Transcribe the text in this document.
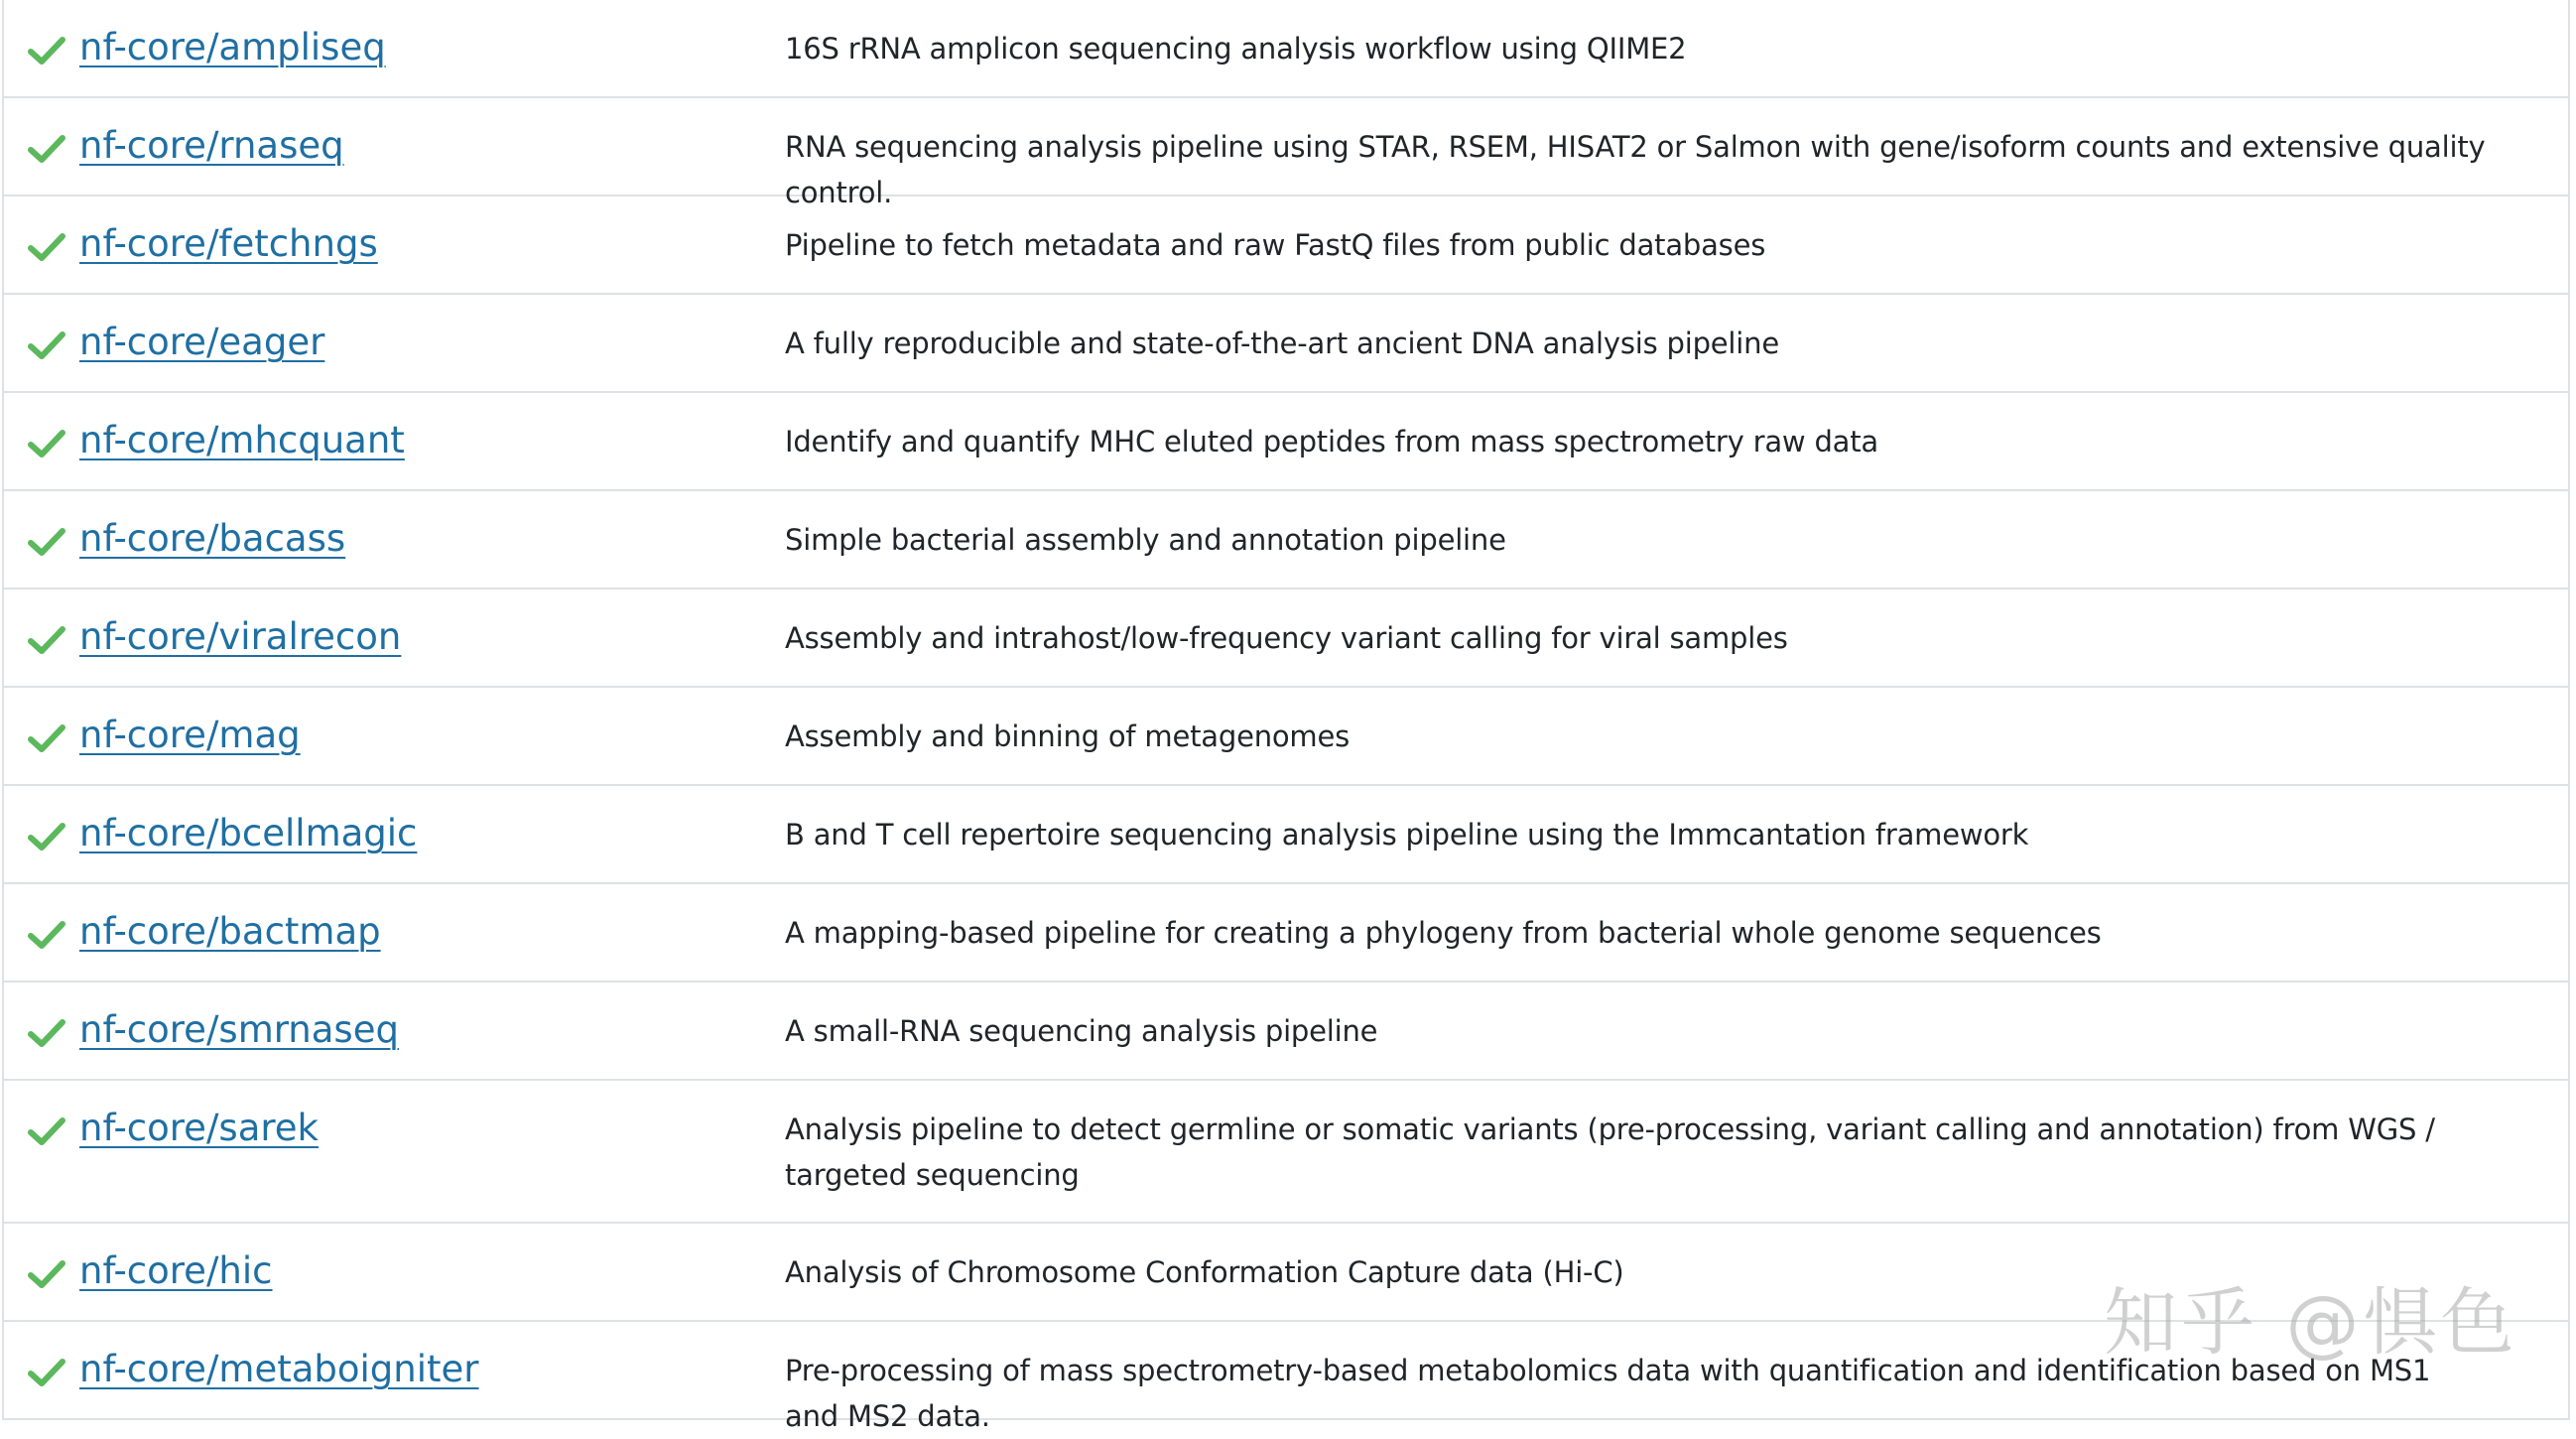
nf-core/ampliseq	16S rRNA amplicon sequencing analysis workflow using QIIME2
nf-core/rnaseq	RNA sequencing analysis pipeline using STAR, RSEM, HISAT2 or Salmon with gene/isoform counts and extensive quality control.
nf-core/fetchngs	Pipeline to fetch metadata and raw FastQ files from public databases
nf-core/eager	A fully reproducible and state-of-the-art ancient DNA analysis pipeline
nf-core/mhcquant	Identify and quantify MHC eluted peptides from mass spectrometry raw data
nf-core/bacass	Simple bacterial assembly and annotation pipeline
nf-core/viralrecon	Assembly and intrahost/low-frequency variant calling for viral samples
nf-core/mag	Assembly and binning of metagenomes
nf-core/bcellmagic	B and T cell repertoire sequencing analysis pipeline using the Immcantation framework
nf-core/bactmap	A mapping-based pipeline for creating a phylogeny from bacterial whole genome sequences
nf-core/smrnaseq	A small-RNA sequencing analysis pipeline
nf-core/sarek	Analysis pipeline to detect germline or somatic variants (pre-processing, variant calling and annotation) from WGS / targeted sequencing
nf-core/hic	Analysis of Chromosome Conformation Capture data (Hi-C)
nf-core/metaboigniter	Pre-processing of mass spectrometry-based metabolomics data with quantification and identification based on MS1 and MS2 data.
知乎 @惧色
